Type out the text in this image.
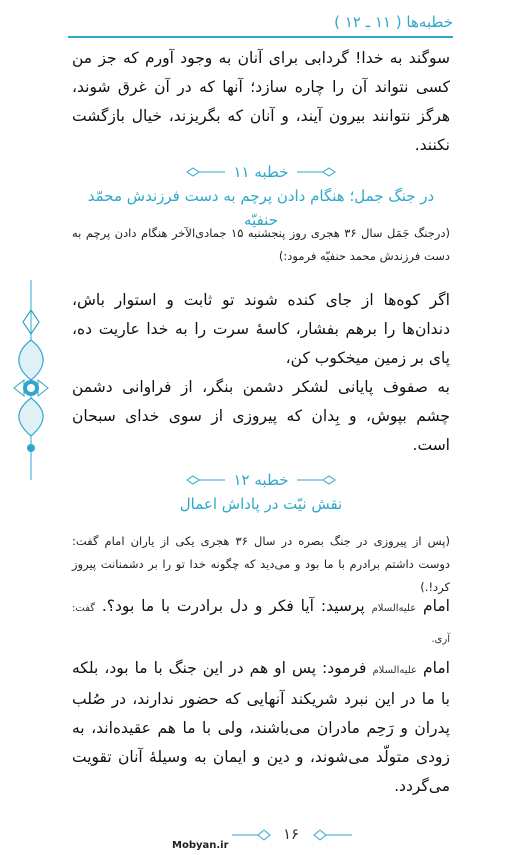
خطبه‌ها ( ۱۱ ـ ۱۲ )

سوگند به خدا! گردابی برای آنان به وجود آورم که جز من کسی نتواند آن را چاره سازد؛ آنها که در آن غرق شوند، هرگز نتوانند بیرون آیند، و آنان که بگریزند، خیال بازگشت نکنند.

خطبه ۱۱
در جنگ جمل؛ هنگام دادن پرچم به دست فرزندش محمّد حنفيّه
(درجنگ جَمَل سال ۳۶ هجری روز پنجشنبه ۱۵ جمادی‌الآخر هنگام دادن پرچم به دست فرزندش محمد حنفیّه فرمود:)

اگر کوه‌ها از جای کنده شوند تو ثابت و استوار باش، دندان‌ها را برهم بفشار، کاسهٔ سرت را به خدا عاریت ده، پای بر زمین میخکوب کن،

به صفوف پایانی لشکر دشمن بنگر، از فراوانی دشمن چشم بپوش، و بِدان که پیروزی از سوی خدای سبحان است.

خطبه ۱۲
نقش نيّت در پاداش اعمال
(پس از پیروزی در جنگ بصره در سال ۳۶ هجری یکی از یاران امام گفت: دوست داشتم برادرم با ما بود و می‌دید که چگونه خدا تو را بر دشمنانت پیروز کرد!.)

امام علیه‌السلام پرسید: آیا فکر و دل برادرت با ما بود؟. گفت: آری.

امام علیه‌السلام فرمود: پس او هم در این جنگ با ما بود، بلکه با ما در این نبرد شریکند آنهایی که حضور ندارند، در صُلب پدران و رَحِم مادران می‌باشند، ولی با ما هم عقیده‌اند، به زودی متولّد می‌شوند، و دین و ایمان به وسیلهٔ آنان تقویت می‌گردد.

Mobyan.ir
۱۶
